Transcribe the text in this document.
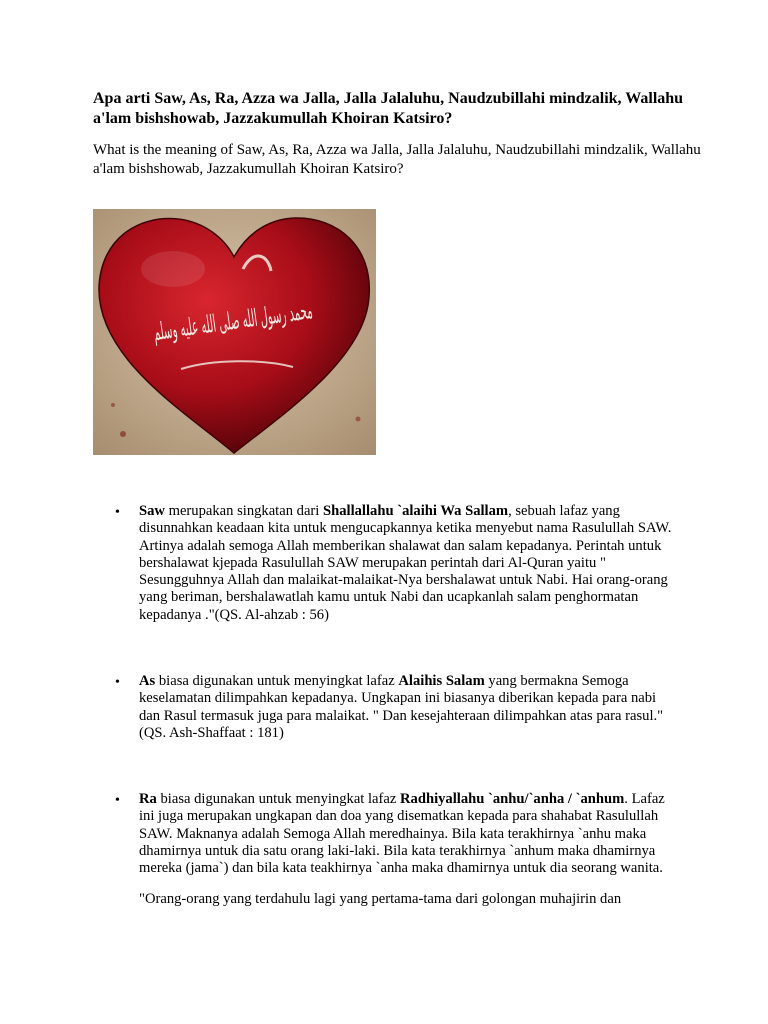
Apa arti Saw, As, Ra, Azza wa Jalla, Jalla Jalaluhu, Naudzubillahi mindzalik, Wallahu a'lam bishshowab, Jazzakumullah Khoiran Katsiro?

What is the meaning of Saw, As, Ra, Azza wa Jalla, Jalla Jalaluhu, Naudzubillahi mindzalik, Wallahu a'lam bishshowab, Jazzakumullah Khoiran Katsiro?

• Saw merupakan singkatan dari Shallallahu `alaihi Wa Sallam, sebuah lafaz yang disunnahkan keadaan kita untuk mengucapkannya ketika menyebut nama Rasulullah SAW. Artinya adalah semoga Allah memberikan shalawat dan salam kepadanya. Perintah untuk bershalawat kjepada Rasulullah SAW merupakan perintah dari Al-Quran yaitu " Sesungguhnya Allah dan malaikat-malaikat-Nya bershalawat untuk Nabi. Hai orang-orang yang beriman, bershalawatlah kamu untuk Nabi dan ucapkanlah salam penghormatan kepadanya ."(QS. Al-ahzab : 56)
• As biasa digunakan untuk menyingkat lafaz Alaihis Salam yang bermakna Semoga keselamatan dilimpahkan kepadanya. Ungkapan ini biasanya diberikan kepada para nabi dan Rasul termasuk juga para malaikat. " Dan kesejahteraan dilimpahkan atas para rasul."(QS. Ash-Shaffaat : 181)
• Ra biasa digunakan untuk menyingkat lafaz Radhiyallahu `anhu/`anha / `anhum. Lafaz ini juga merupakan ungkapan dan doa yang disematkan kepada para shahabat Rasulullah SAW. Maknanya adalah Semoga Allah meredhainya. Bila kata terakhirnya `anhu maka dhamirnya untuk dia satu orang laki-laki. Bila kata terakhirnya `anhum maka dhamirnya mereka (jama`) dan bila kata teakhirnya `anha maka dhamirnya untuk dia seorang wanita.
"Orang-orang yang terdahulu lagi yang pertama-tama dari golongan muhajirin dan
